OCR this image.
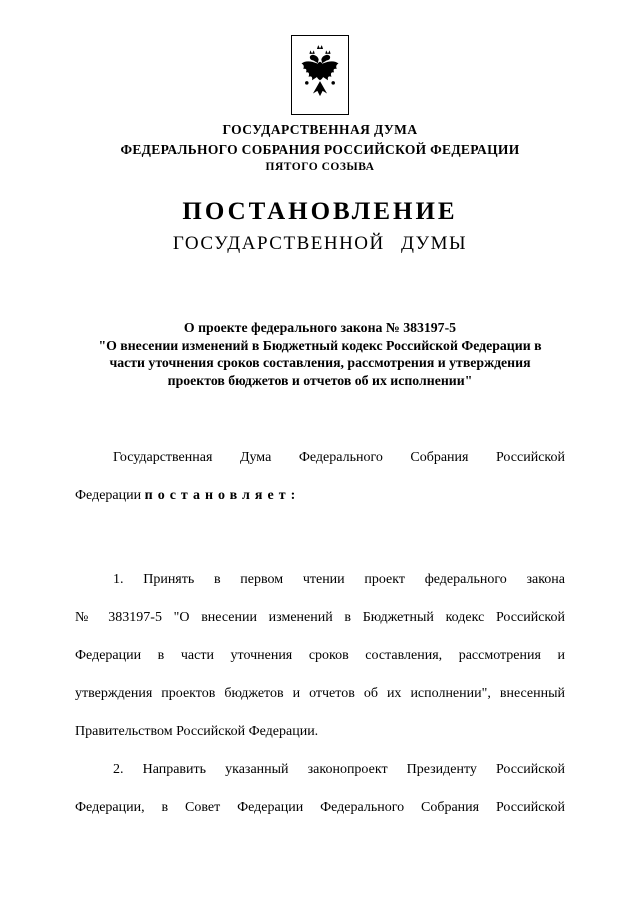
ГОСУДАРСТВЕННАЯ ДУМА
ФЕДЕРАЛЬНОГО СОБРАНИЯ РОССИЙСКОЙ ФЕДЕРАЦИИ
ПЯТОГО СОЗЫВА
ПОСТАНОВЛЕНИЕ
ГОСУДАРСТВЕННОЙ ДУМЫ
О проекте федерального закона № 383197-5
"О внесении изменений в Бюджетный кодекс Российской Федерации в
части уточнения сроков составления, рассмотрения и утверждения
проектов бюджетов и отчетов об их исполнении"
Государственная Дума Федерального Собрания Российской
Федерации постановляет:
1. Принять в первом чтении проект федерального закона
№ 383197-5 "О внесении изменений в Бюджетный кодекс Российской
Федерации в части уточнения сроков составления, рассмотрения и
утверждения проектов бюджетов и отчетов об их исполнении", внесенный
Правительством Российской Федерации.
2. Направить указанный законопроект Президенту Российской
Федерации, в Совет Федерации Федерального Собрания Российской
